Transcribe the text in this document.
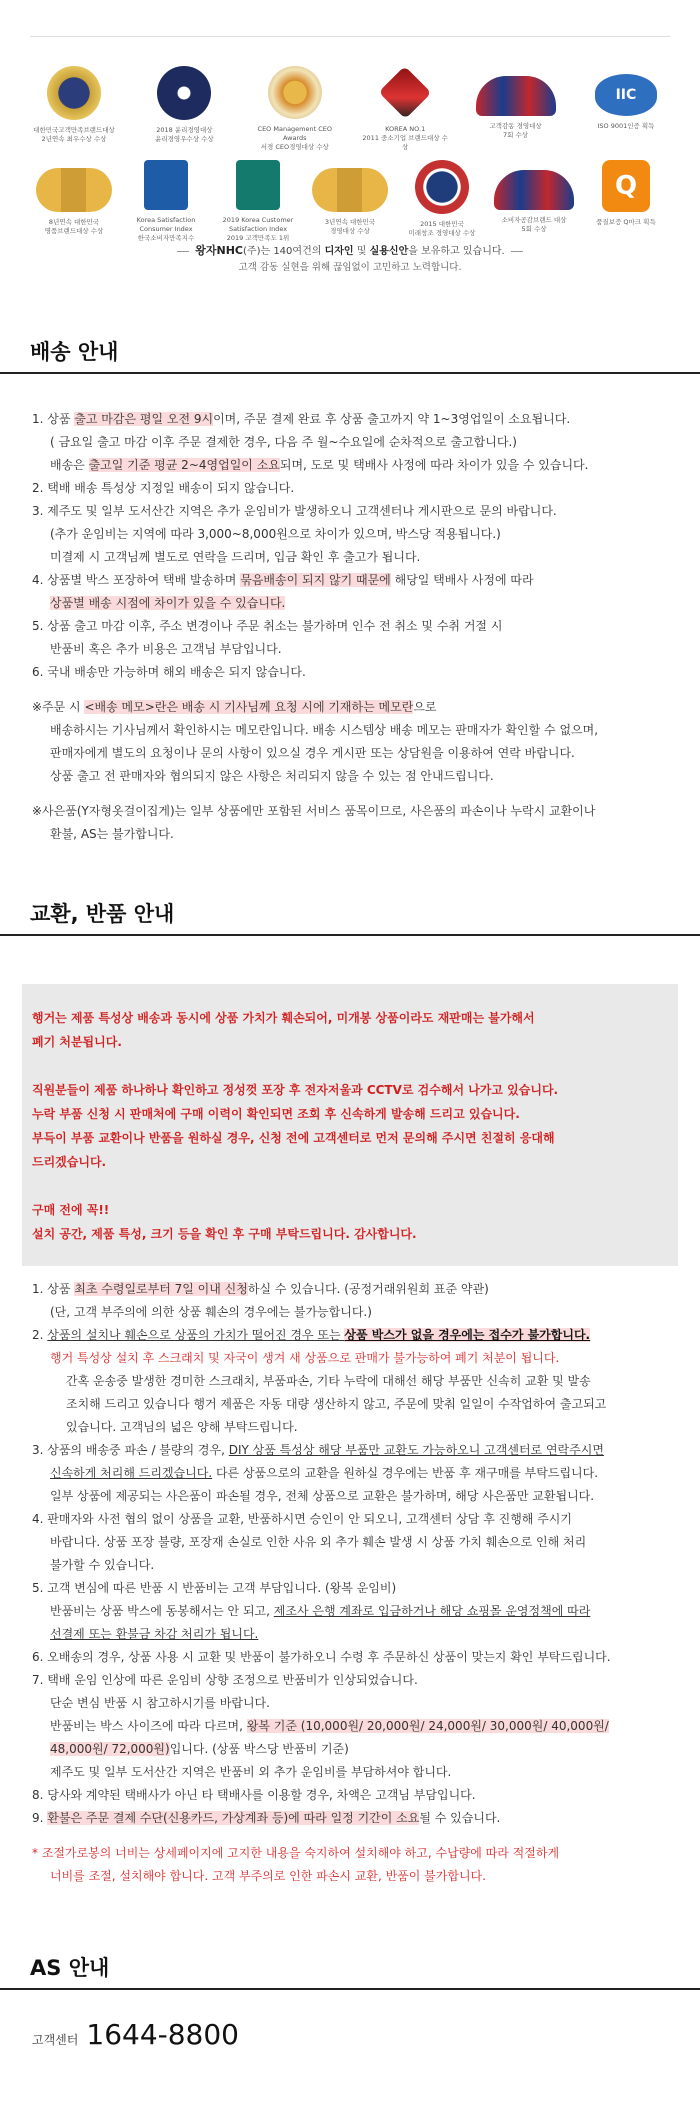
대한민국고객만족브랜드대상
2년연속 최우수상 수상
2018 윤리경영대상
윤리경영우수상 수상
CEO Management CEO Awards
서경 CEO경영대상 수상
KOREA NO.1
2011 중소기업 브랜드대상 수상
고객감동 경영대상
7회 수상
IIC
ISO 9001인증 획득
8년연속 대한민국
명품브랜드대상 수상
Korea Satisfaction Consumer Index
한국소비자만족지수
2019 Korea Customer Satisfaction Index
2019 고객만족도 1위
3년연속 대한민국
경영대상 수상
2015 대한민국
미래창조 경영대상 수상
소비자공감브랜드 대상
5회 수상
Q
품질보증 Q마크 획득
왕자NHC(주)는 140여건의 디자인 및 실용신안을 보유하고 있습니다.
고객 감동 실현을 위해 끊임없이 고민하고 노력합니다.
배송 안내
1. 상품 출고 마감은 평일 오전 9시이며, 주문 결제 완료 후 상품 출고까지 약 1~3영업일이 소요됩니다.
( 금요일 출고 마감 이후 주문 결제한 경우, 다음 주 월~수요일에 순차적으로 출고합니다.)
배송은 출고일 기준 평균 2~4영업일이 소요되며, 도로 및 택배사 사정에 따라 차이가 있을 수 있습니다.
2. 택배 배송 특성상 지정일 배송이 되지 않습니다.
3. 제주도 및 일부 도서산간 지역은 추가 운임비가 발생하오니 고객센터나 게시판으로 문의 바랍니다.
(추가 운임비는 지역에 따라 3,000~8,000원으로 차이가 있으며, 박스당 적용됩니다.)
미결제 시 고객님께 별도로 연락을 드리며, 입금 확인 후 출고가 됩니다.
4. 상품별 박스 포장하여 택배 발송하며 묶음배송이 되지 않기 때문에 해당일 택배사 사정에 따라
상품별 배송 시점에 차이가 있을 수 있습니다.
5. 상품 출고 마감 이후, 주소 변경이나 주문 취소는 불가하며 인수 전 취소 및 수취 거절 시
반품비 혹은 추가 비용은 고객님 부담입니다.
6. 국내 배송만 가능하며 해외 배송은 되지 않습니다.
※주문 시 <배송 메모>란은 배송 시 기사님께 요청 시에 기재하는 메모란으로
배송하시는 기사님께서 확인하시는 메모란입니다. 배송 시스템상 배송 메모는 판매자가 확인할 수 없으며,
판매자에게 별도의 요청이나 문의 사항이 있으실 경우 게시판 또는 상담원을 이용하여 연락 바랍니다.
상품 출고 전 판매자와 협의되지 않은 사항은 처리되지 않을 수 있는 점 안내드립니다.
※사은품(Y자형옷걸이집게)는 일부 상품에만 포함된 서비스 품목이므로, 사은품의 파손이나 누락시 교환이나
환불, AS는 불가합니다.
교환, 반품 안내

행거는 제품 특성상 배송과 동시에 상품 가치가 훼손되어, 미개봉 상품이라도 재판매는 불가해서

폐기 처분됩니다.

직원분들이 제품 하나하나 확인하고 정성껏 포장 후 전자저울과 CCTV로 검수해서 나가고 있습니다.

누락 부품 신청 시 판매처에 구매 이력이 확인되면 조회 후 신속하게 발송해 드리고 있습니다.

부득이 부품 교환이나 반품을 원하실 경우, 신청 전에 고객센터로 먼저 문의해 주시면 친절히 응대해

드리겠습니다.

구매 전에 꼭!!

설치 공간, 제품 특성, 크기 등을 확인 후 구매 부탁드립니다. 감사합니다.

1. 상품 최초 수령일로부터 7일 이내 신청하실 수 있습니다. (공정거래위원회 표준 약관)
(단, 고객 부주의에 의한 상품 훼손의 경우에는 불가능합니다.)
2. 상품의 설치나 훼손으로 상품의 가치가 떨어진 경우 또는 상품 박스가 없을 경우에는 접수가 불가합니다.
행거 특성상 설치 후 스크래치 및 자국이 생겨 새 상품으로 판매가 불가능하여 폐기 처분이 됩니다.
간혹 운송중 발생한 경미한 스크래치, 부품파손, 기타 누락에 대해선 해당 부품만 신속히 교환 및 발송
조치해 드리고 있습니다 행거 제품은 자동 대량 생산하지 않고, 주문에 맞춰 일일이 수작업하여 출고되고
있습니다. 고객님의 넓은 양해 부탁드립니다.
3. 상품의 배송중 파손 / 불량의 경우, DIY 상품 특성상 해당 부품만 교환도 가능하오니 고객센터로 연락주시면
신속하게 처리해 드리겠습니다. 다른 상품으로의 교환을 원하실 경우에는 반품 후 재구매를 부탁드립니다.
일부 상품에 제공되는 사은품이 파손될 경우, 전체 상품으로 교환은 불가하며, 해당 사은품만 교환됩니다.
4. 판매자와 사전 협의 없이 상품을 교환, 반품하시면 승인이 안 되오니, 고객센터 상담 후 진행해 주시기
바랍니다. 상품 포장 불량, 포장재 손실로 인한 사유 외 추가 훼손 발생 시 상품 가치 훼손으로 인해 처리
불가할 수 있습니다.
5. 고객 변심에 따른 반품 시 반품비는 고객 부담입니다. (왕복 운임비)
반품비는 상품 박스에 동봉해서는 안 되고, 제조사 은행 계좌로 입금하거나 해당 쇼핑몰 운영정책에 따라
선결제 또는 환불금 차감 처리가 됩니다.
6. 오배송의 경우, 상품 사용 시 교환 및 반품이 불가하오니 수령 후 주문하신 상품이 맞는지 확인 부탁드립니다.
7. 택배 운임 인상에 따른 운임비 상향 조정으로 반품비가 인상되었습니다.
단순 변심 반품 시 참고하시기를 바랍니다.
반품비는 박스 사이즈에 따라 다르며, 왕복 기준 (10,000원/ 20,000원/ 24,000원/ 30,000원/ 40,000원/
48,000원/ 72,000원)입니다. (상품 박스당 반품비 기준)
제주도 및 일부 도서산간 지역은 반품비 외 추가 운임비를 부담하셔야 합니다.
8. 당사와 계약된 택배사가 아닌 타 택배사를 이용할 경우, 차액은 고객님 부담입니다.
9. 환불은 주문 결제 수단(신용카드, 가상계좌 등)에 따라 일정 기간이 소요될 수 있습니다.
* 조절가로봉의 너비는 상세페이지에 고지한 내용을 숙지하여 설치해야 하고, 수납량에 따라 적절하게
너비를 조절, 설치해야 합니다. 고객 부주의로 인한 파손시 교환, 반품이 불가합니다.
AS 안내
고객센터 1644-8800
